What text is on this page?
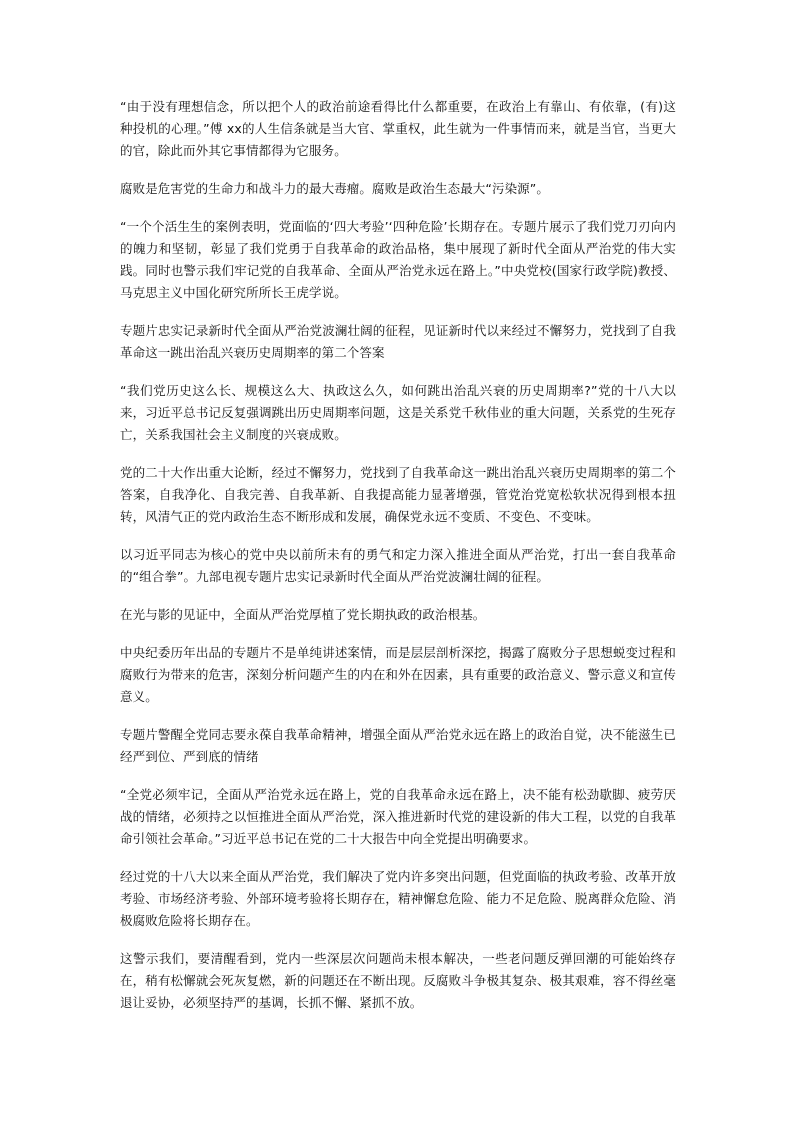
“由于没有理想信念，所以把个人的政治前途看得比什么都重要，在政治上有靠山、有依靠，(有)这种投机的心理。”傅 xx的人生信条就是当大官、掌重权，此生就为一件事情而来，就是当官，当更大的官，除此而外其它事情都得为它服务。

腐败是危害党的生命力和战斗力的最大毒瘤。腐败是政治生态最大“污染源”。

“一个个活生生的案例表明，党面临的‘四大考验’‘四种危险’长期存在。专题片展示了我们党刀刃向内的魄力和坚韧，彰显了我们党勇于自我革命的政治品格，集中展现了新时代全面从严治党的伟大实践。同时也警示我们牢记党的自我革命、全面从严治党永远在路上。”中央党校(国家行政学院)教授、马克思主义中国化研究所所长王虎学说。

专题片忠实记录新时代全面从严治党波澜壮阔的征程，见证新时代以来经过不懈努力，党找到了自我革命这一跳出治乱兴衰历史周期率的第二个答案

“我们党历史这么长、规模这么大、执政这么久，如何跳出治乱兴衰的历史周期率?”党的十八大以来，习近平总书记反复强调跳出历史周期率问题，这是关系党千秋伟业的重大问题，关系党的生死存亡，关系我国社会主义制度的兴衰成败。

党的二十大作出重大论断，经过不懈努力，党找到了自我革命这一跳出治乱兴衰历史周期率的第二个答案，自我净化、自我完善、自我革新、自我提高能力显著增强，管党治党宽松软状况得到根本扭转，风清气正的党内政治生态不断形成和发展，确保党永远不变质、不变色、不变味。

以习近平同志为核心的党中央以前所未有的勇气和定力深入推进全面从严治党，打出一套自我革命的“组合拳”。九部电视专题片忠实记录新时代全面从严治党波澜壮阔的征程。

在光与影的见证中，全面从严治党厚植了党长期执政的政治根基。

中央纪委历年出品的专题片不是单纯讲述案情，而是层层剖析深挖，揭露了腐败分子思想蜕变过程和腐败行为带来的危害，深刻分析问题产生的内在和外在因素，具有重要的政治意义、警示意义和宣传意义。

专题片警醒全党同志要永葆自我革命精神，增强全面从严治党永远在路上的政治自觉，决不能滋生已经严到位、严到底的情绪

“全党必须牢记，全面从严治党永远在路上，党的自我革命永远在路上，决不能有松劲歇脚、疲劳厌战的情绪，必须持之以恒推进全面从严治党，深入推进新时代党的建设新的伟大工程，以党的自我革命引领社会革命。”习近平总书记在党的二十大报告中向全党提出明确要求。

经过党的十八大以来全面从严治党，我们解决了党内许多突出问题，但党面临的执政考验、改革开放考验、市场经济考验、外部环境考验将长期存在，精神懈怠危险、能力不足危险、脱离群众危险、消极腐败危险将长期存在。

这警示我们，要清醒看到，党内一些深层次问题尚未根本解决，一些老问题反弹回潮的可能始终存在，稍有松懈就会死灰复燃，新的问题还在不断出现。反腐败斗争极其复杂、极其艰难，容不得丝毫退让妥协，必须坚持严的基调，长抓不懈、紧抓不放。
